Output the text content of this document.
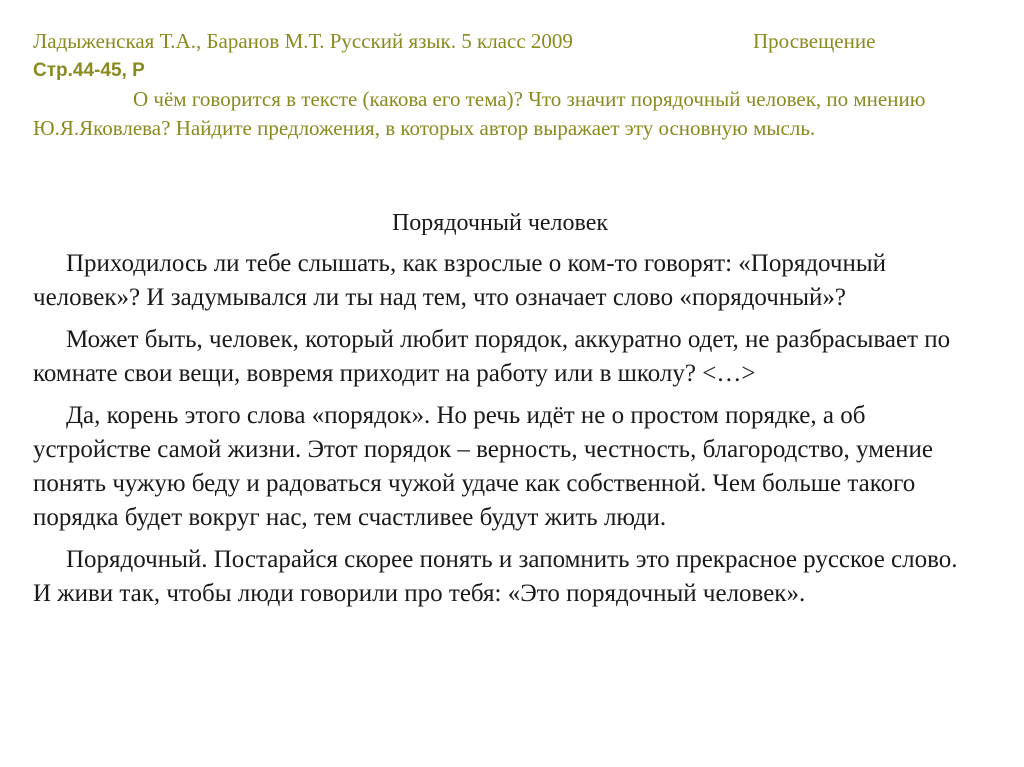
Ладыженская Т.А., Баранов М.Т. Русский язык. 5 класс 2009	Просвещение
Стр.44-45, Р
О чём говорится в тексте (какова его тема)? Что значит порядочный человек, по мнению Ю.Я.Яковлева? Найдите предложения, в которых автор выражает эту основную мысль.
Порядочный человек

Приходилось ли тебе слышать, как взрослые о ком-то говорят: «Порядочный человек»? И задумывался ли ты над тем, что означает слово «порядочный»?

Может быть, человек, который любит порядок, аккуратно одет, не разбрасывает по комнате свои вещи, вовремя приходит на работу или в школу? <…>

Да, корень этого слова «порядок». Но речь идёт не о простом порядке, а об устройстве самой жизни. Этот порядок – верность, честность, благородство, умение понять чужую беду и радоваться чужой удаче как собственной. Чем больше такого порядка будет вокруг нас, тем счастливее будут жить люди.

Порядочный. Постарайся скорее понять и запомнить это прекрасное русское слово. И живи так, чтобы люди говорили про тебя: «Это порядочный человек».
